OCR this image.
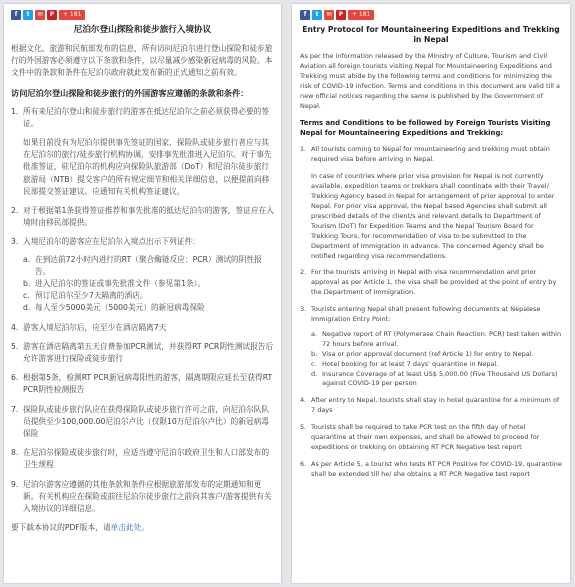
f	t	✉	P	+ 181
尼泊尔登山探险和徒步旅行入境协议

根据文化、旅游和民航部发布的信息，所有访问尼泊尔进行登山探险和徒步旅行的外国游客必须遵守以下条款和条件，以尽量减少感染新冠病毒的风险。本文件中的条款和条件在尼泊尔政府就此发布新的正式通知之前有效。

访问尼泊尔登山探险和徒步旅行的外国游客应遵循的条款和条件：

1. 所有来尼泊尔登山和徒步旅行的游客在抵达尼泊尔之前必须获得必要的签证。
如果目前没有为尼泊尔提供事先签证的国家，探险队或徒步旅行者应与其在尼泊尔的旅行/徒步旅行机构协调，安排事先批准进入尼泊尔。对于事先批准签证，驻尼泊尔的机构应向探险队旅游部（DoT）和尼泊尔徒步旅行旅游局（NTB）提交客户的所有规定细节和相关详细信息，以便提前向移民部提交签证建议。应通知有关机构签证建议。
2. 对于根据第1条获得签证推荐和事先批准的抵达尼泊尔的游客，签证应在入境时由移民部提供。
3. 入境尼泊尔的游客应在尼泊尔入境点出示下列证件：
a. 在到达前72小时内进行的RT（聚合酶链反应：PCR）测试的阴性报告。
b. 进入尼泊尔的签证或事先批准文件（参见第1条）。
c. 预订尼泊尔至少7天隔离的酒店。
d. 每人至少5000美元（5000美元）的新冠病毒保险
4. 游客入境尼泊尔后，应至少在酒店隔离7天
5. 游客在酒店隔离第五天自费参加PCR测试，并获得RT PCR阴性测试报告后允许游客进行探险或徒步旅行
6. 根据第5条，检测RT PCR新冠病毒阳性的游客，隔离期限应延长至获得RT PCR阴性检测报告
7. 探险队或徒步旅行队应在获得探险队或徒步旅行许可之前，向尼泊尔队队员提供至少100,000.00尼泊尔卢比（仅限10万尼泊尔卢比）的新冠病毒保险
8. 在尼泊尔探险或徒步旅行时，应适当遵守尼泊尔政府卫生和人口部发布的卫生规程
9. 尼泊尔游客应遵循的其他条款和条件应根据旅游部发布的定期通知和更新。有关机构应在探险或前往尼泊尔徒步旅行之前向其客户/游客提供有关入境协议的详细信息。
要下载本协议的PDF版本，请单击此处。
f	t	✉	P	+ 181
Entry Protocol for Mountaineering Expeditions and Trekking in Nepal

As per the information released by the Ministry of Culture, Tourism and Civil Aviation all foreign tourists visiting Nepal for Mountaineering Expeditions and Trekking must abide by the following terms and conditions for minimizing the risk of COVID-19 infection. Terms and conditions in this document are valid till a new official notices regarding the same is published by the Government of Nepal.

Terms and Conditions to be followed by Foreign Tourists Visiting Nepal for Mountaineering Expeditions and Trekking:

1. All tourists coming to Nepal for mountaineering and trekking must obtain required visa before arriving in Nepal.
In case of countries where prior visa provision for Nepal is not currently available, expedition teams or trekkers shall coordinate with their Travel/ Trekking Agency based in Nepal for arrangement of prior approval to enter Nepal. For prior visa approval, the Nepal based Agencies shall submit all prescribed details of the client/s and relevant details to Department of Tourism (DoT) for Expedition Teams and the Nepal Tourism Board for Trekking Tours, for recommendation of visa to be submitted to the Department of Immigration in advance. The concerned Agency shall be notified regarding visa recommendations.
2. For the tourists arriving in Nepal with visa recommendation and prior approval as per Article 1, the visa shall be provided at the point of entry by the Department of Immigration.
3. Tourists entering Nepal shall present following documents at Nepalese Immigration Entry Point:
a. Negative report of RT (Polymerase Chain Reaction: PCR) test taken within 72 hours before arrival.
b. Visa or prior approval document (ref Article 1) for entry to Nepal.
c. Hotel booking for at least 7 days' quarantine in Nepal.
d. Insurance Coverage of at least US$ 5,000.00 (Five Thousand US Dollars) against COVID-19 per person
4. After entry to Nepal, tourists shall stay in hotel quarantine for a minimum of 7 days
5. Tourists shall be required to take PCR test on the fifth day of hotel quarantine at their own expenses, and shall be allowed to proceed for expeditions or trekking on obtaining RT PCR Negative test report
6. As per Article 5, a tourist who tests RT PCR Positive for COVID-19, quarantine shall be extended till he/ she obtains a RT PCR Negative test report
